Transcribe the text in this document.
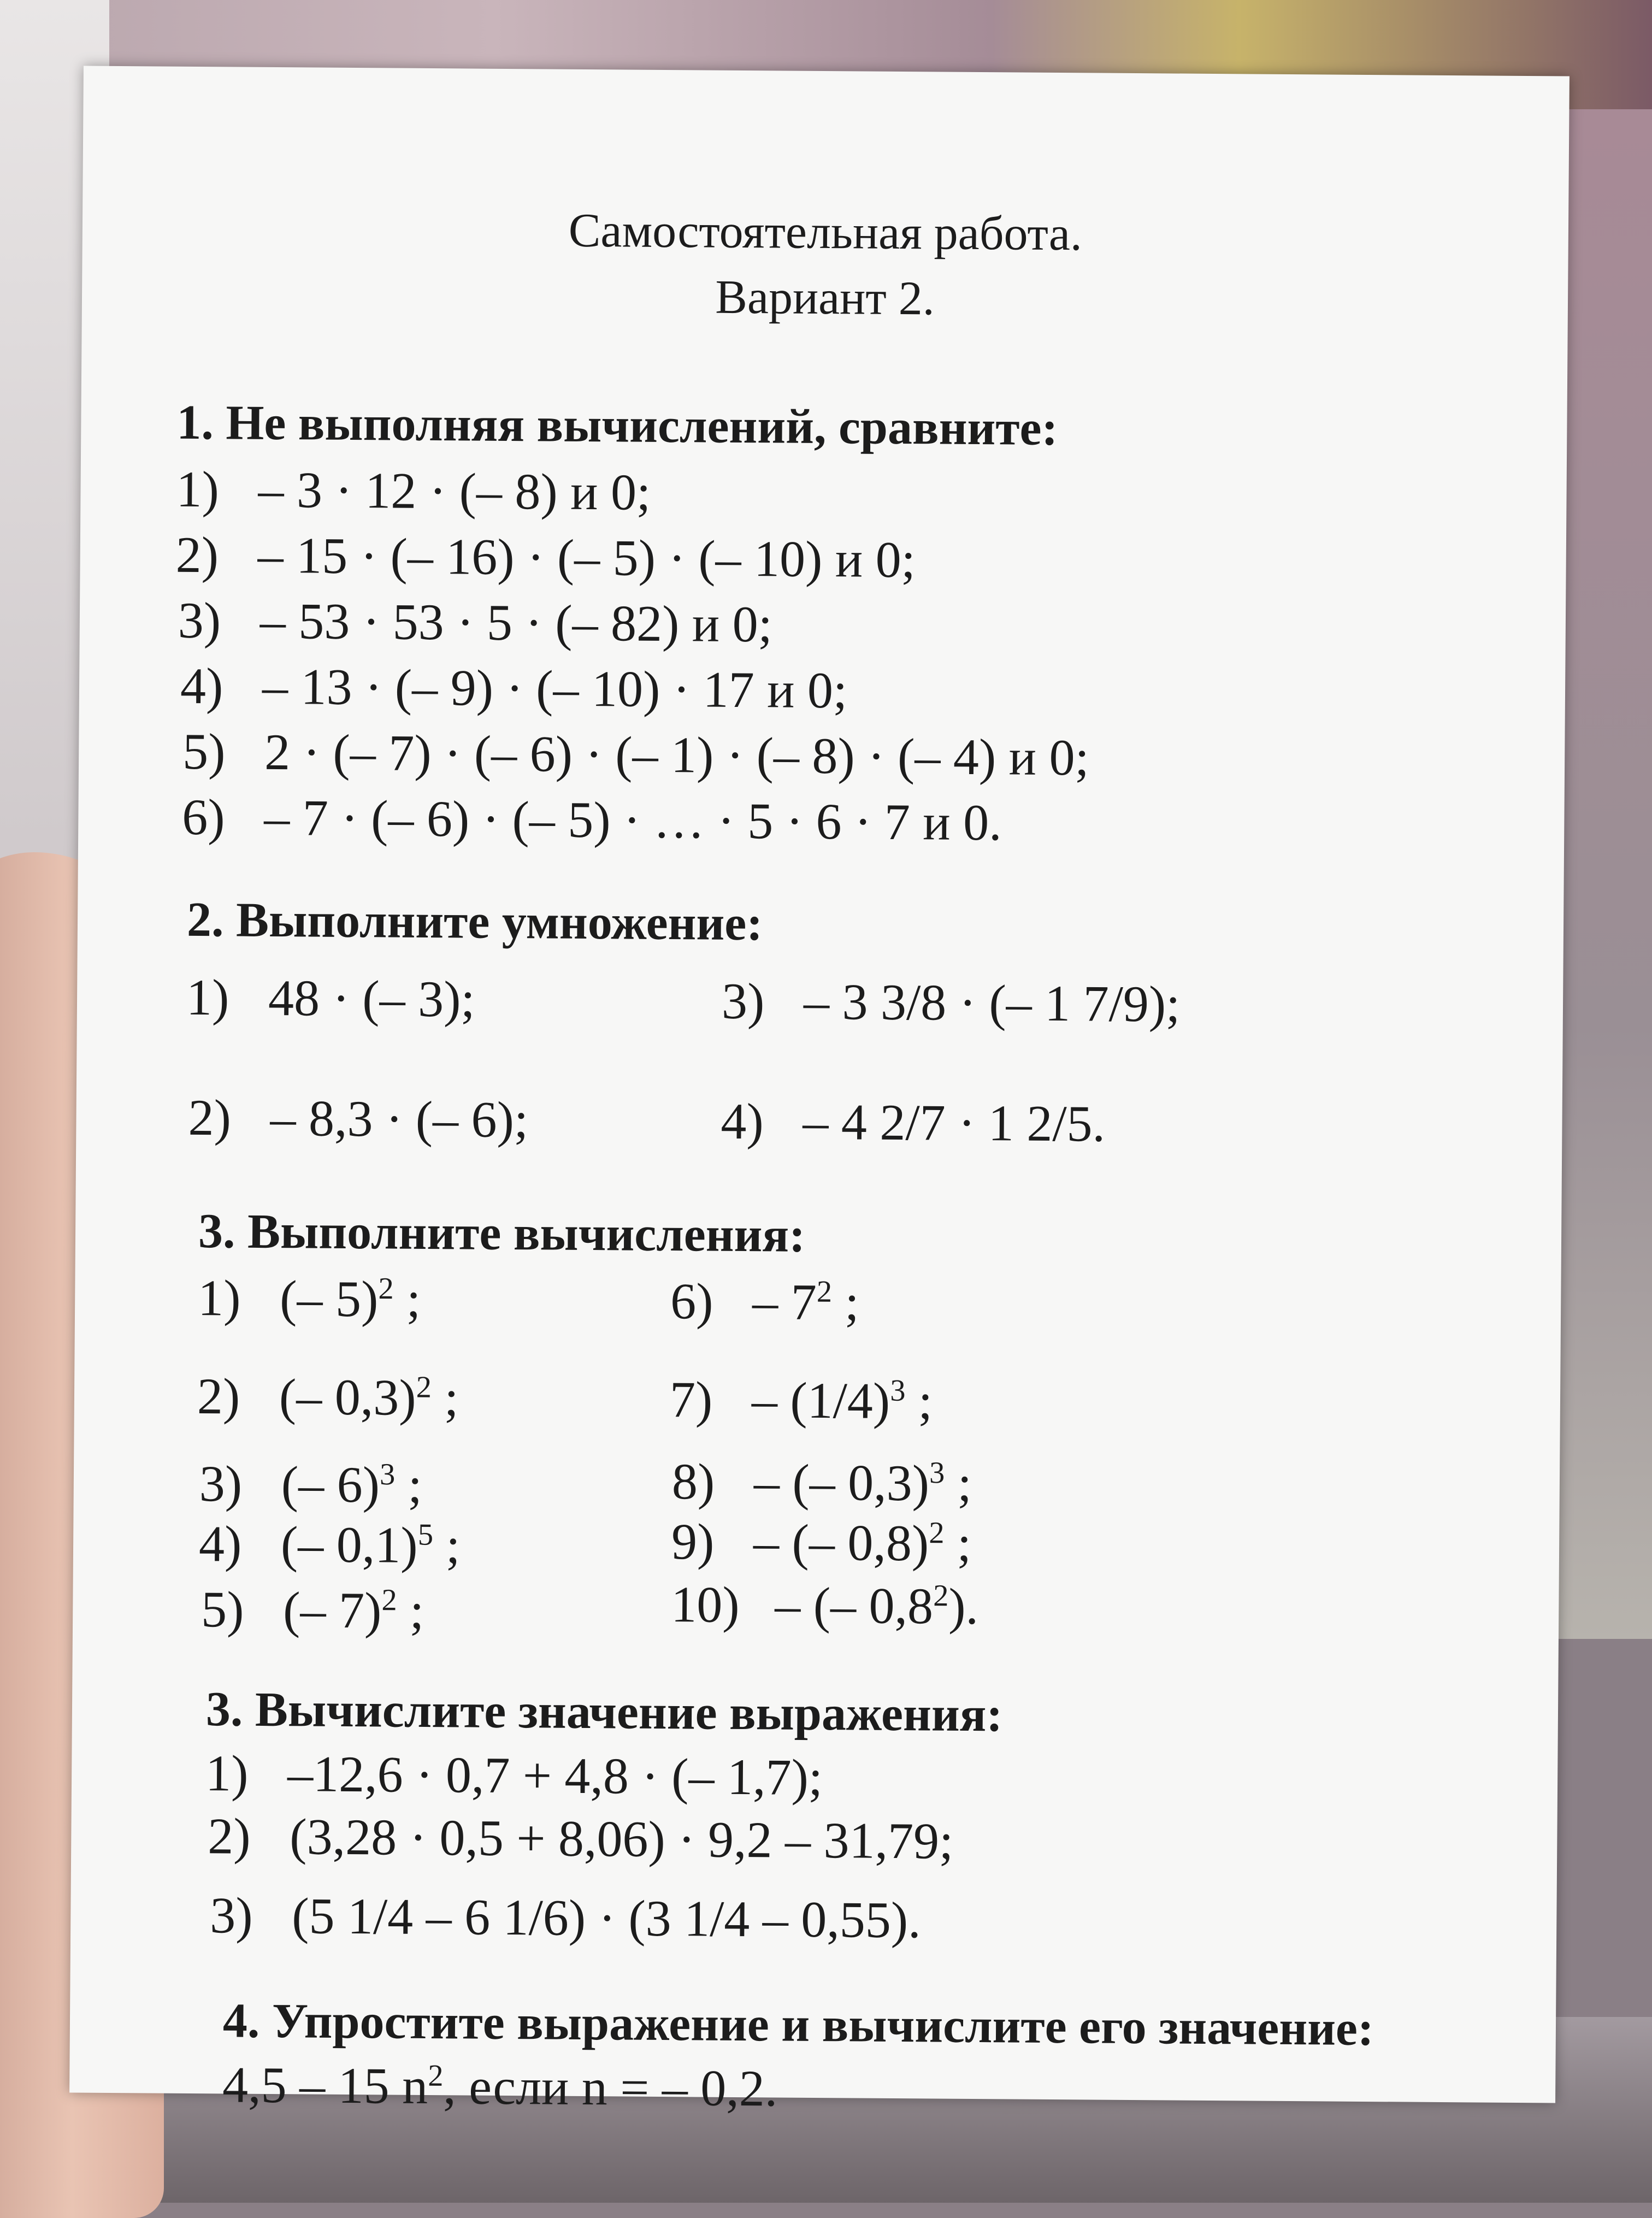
Самостоятельная работа.
Вариант 2.
1. Не выполняя вычислений, сравните:
1) – 3 · 12 · (– 8) и 0;
2) – 15 · (– 16) · (– 5) · (– 10) и 0;
3) – 53 · 53 · 5 · (– 82) и 0;
4) – 13 · (– 9) · (– 10) · 17 и 0;
5) 2 · (– 7) · (– 6) · (– 1) · (– 8) · (– 4) и 0;
6) – 7 · (– 6) · (– 5) · … · 5 · 6 · 7 и 0.
2. Выполните умножение:
1) 48 · (– 3);
2) – 8,3 · (– 6);
3) – 3 3/8 · (– 1 7/9);
4) – 4 2/7 · 1 2/5.
3. Выполните вычисления:
1) (– 5)$^2$ ;
2) (– 0,3)$^2$ ;
3) (– 6)$^3$ ;
4) (– 0,1)$^5$ ;
5) (– 7)$^2$ ;
$6) - 7^2$ ;
$7) - (1/4)^3$ ;
8) – (– 0,3)$^3$ ;
9) – (– 0,8)$^2$ ;
10) – (– $0,8^2$).
3. Вычислите значение выражения:
1) –12,6 · 0,7 + 4,8 · (– 1,7);
2) (3,28 · 0,5 + 8,06) · 9,2 – 31,79;
3) (5 1/4 – 6 1/6) · (3 1/4 – 0,55).
4. Упростите выражение и вычислите его значение:
4,5 – 15 $n^2$, если n = – 0,2.
